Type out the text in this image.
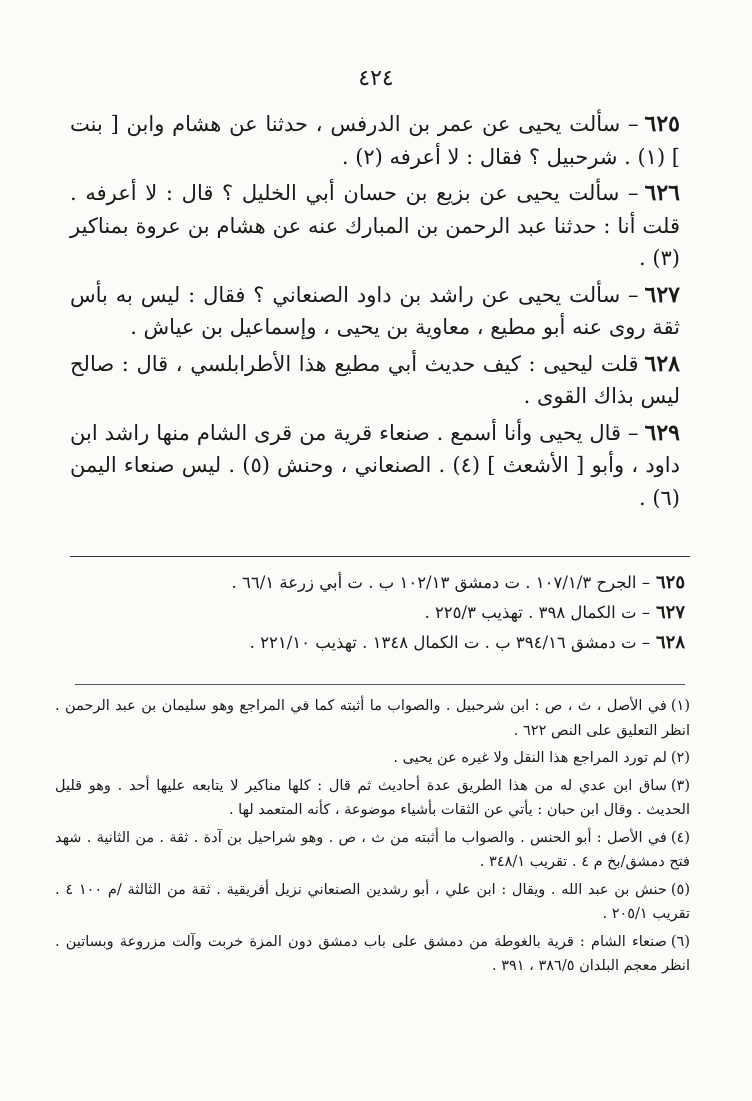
٤٢٤

٦٢٥– سألت يحيى عن عمر بن الدرفس ، حدثنا عن هشام وابن [ بنت ] (١) . شرحبيل ؟ فقال : لا أعرفه (٢) .

٦٢٦– سألت يحيى عن بزيع بن حسان أبي الخليل ؟ قال : لا أعرفه . قلت أنا : حدثنا عبد الرحمن بن المبارك عنه عن هشام بن عروة بمناكير (٣) .

٦٢٧– سألت يحيى عن راشد بن داود الصنعاني ؟ فقال : ليس به بأس ثقة روى عنه أبو مطيع ، معاوية بن يحيى ، وإسماعيل بن عياش .

٦٢٨قلت ليحيى : كيف حديث أبي مطيع هذا الأطرابلسي ، قال : صالح ليس بذاك القوى .

٦٢٩– قال يحيى وأنا أسمع . صنعاء قرية من قرى الشام منها راشد ابن داود ، وأبو [ الأشعث ] (٤) . الصنعاني ، وحنش (٥) . ليس صنعاء اليمن (٦) .

٦٢٥– الجرح ١٠٧/١/٣ . ت دمشق ١٠٢/١٣ ب . ت أبي زرعة ٦٦/١ .
٦٢٧– ت الكمال ٣٩٨ . تهذيب ٢٢٥/٣ .
٦٢٨– ت دمشق ٣٩٤/١٦ ب . ت الكمال ١٣٤٨ . تهذيب ٢٢١/١٠ .

(١)في الأصل ، ث ، ص : ابن شرحبيل . والصواب ما أثبته كما في المراجع وهو سليمان بن عبد الرحمن . انظر التعليق على النص ٦٢٢ .

(٢)لم تورد المراجع هذا النقل ولا غيره عن يحيى .

(٣)ساق ابن عدي له من هذا الطريق عدة أحاديث ثم قال : كلها مناكير لا يتابعه عليها أحد . وهو قليل الحديث . وقال ابن حبان : يأتي عن الثقات بأشياء موضوعة ، كأنه المتعمد لها .

(٤)في الأصل : أبو الحنس . والصواب ما أثبته من ث ، ص . وهو شراحيل بن آدة . ثقة . من الثانية . شهد فتح دمشق/بخ م ٤ . تقريب ٣٤٨/١ .

(٥)حنش بن عبد الله . ويقال : ابن علي ، أبو رشدين الصنعاني نزيل أفريقية . ثقة من الثالثة /م ١٠٠ ٤ . تقريب ٢٠٥/١ .

(٦)صنعاء الشام : قرية بالغوطة من دمشق على باب دمشق دون المزة خربت وآلت مزروعة وبساتين . انظر معجم البلدان ٣٨٦/٥ ، ٣٩١ .
